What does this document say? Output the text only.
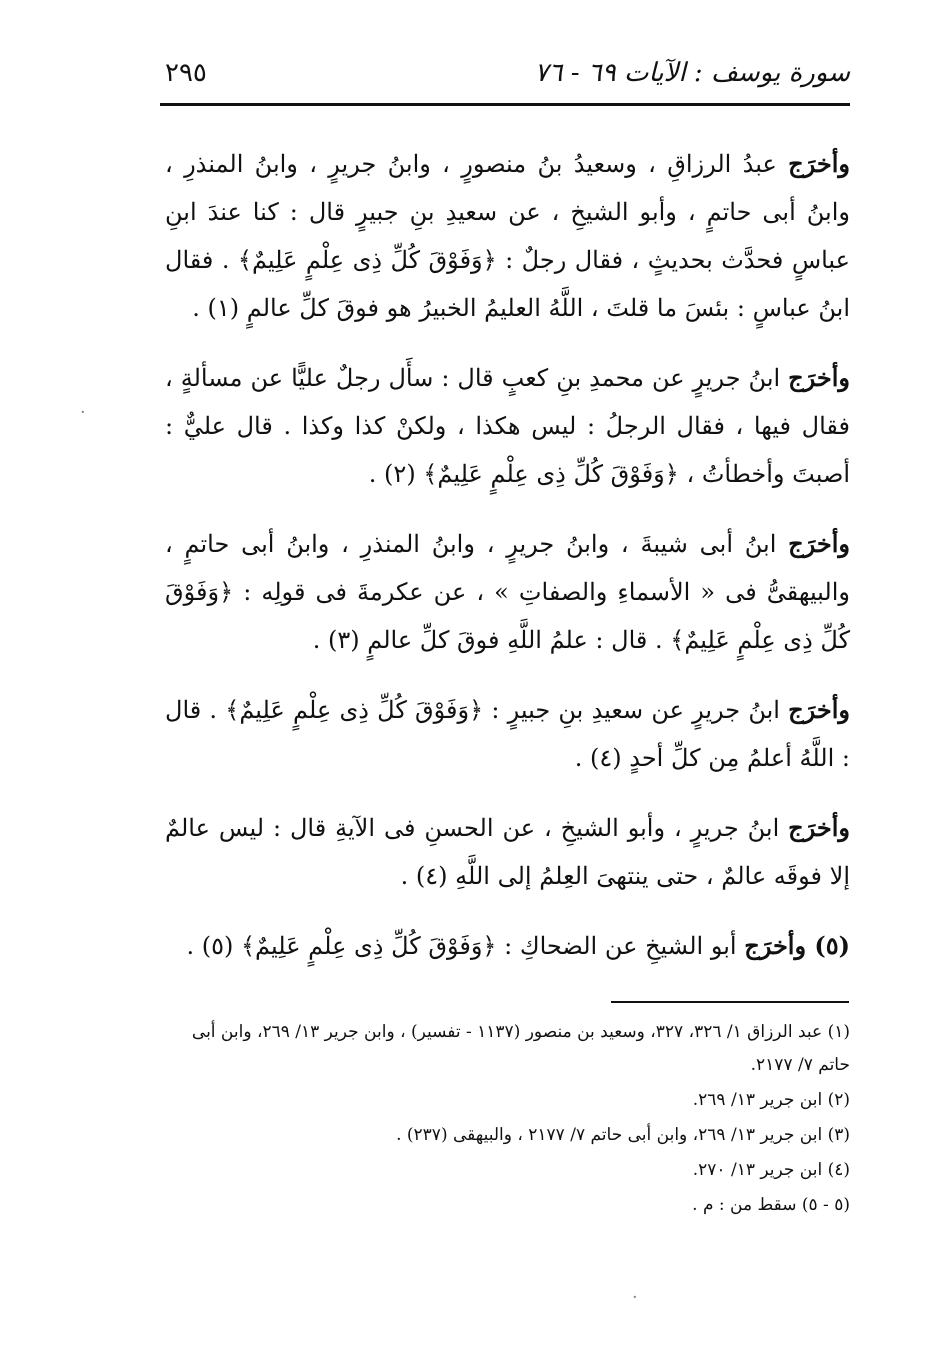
سورة يوسف : الآيات ٦٩ - ٧٦
٢٩٥

وأخرَج عبدُ الرزاقِ ، وسعيدُ بنُ منصورٍ ، وابنُ جريرٍ ، وابنُ المنذرِ ، وابنُ أبى حاتمٍ ، وأبو الشيخِ ، عن سعيدِ بنِ جبيرٍ قال : كنا عندَ ابنِ عباسٍ فحدَّث بحديثٍ ، فقال رجلٌ : ﴿وَفَوْقَ كُلِّ ذِى عِلْمٍ عَلِيمٌ﴾ . فقال ابنُ عباسٍ : بئسَ ما قلتَ ، اللَّهُ العليمُ الخبيرُ هو فوقَ كلِّ عالمٍ (١) .

وأخرَج ابنُ جريرٍ عن محمدِ بنِ كعبٍ قال : سأَل رجلٌ عليًّا عن مسألةٍ ، فقال فيها ، فقال الرجلُ : ليس هكذا ، ولكنْ كذا وكذا . قال عليٌّ : أصبتَ وأخطأتُ ، ﴿وَفَوْقَ كُلِّ ذِى عِلْمٍ عَلِيمٌ﴾ (٢) .

وأخرَج ابنُ أبى شيبةَ ، وابنُ جريرٍ ، وابنُ المنذرِ ، وابنُ أبى حاتمٍ ، والبيهقىُّ فى « الأسماءِ والصفاتِ » ، عن عكرمةَ فى قولِه : ﴿وَفَوْقَ كُلِّ ذِى عِلْمٍ عَلِيمٌ﴾ . قال : علمُ اللَّهِ فوقَ كلِّ عالمٍ (٣) .

وأخرَج ابنُ جريرٍ عن سعيدِ بنِ جبيرٍ : ﴿وَفَوْقَ كُلِّ ذِى عِلْمٍ عَلِيمٌ﴾ . قال : اللَّهُ أعلمُ مِن كلِّ أحدٍ (٤) .

وأخرَج ابنُ جريرٍ ، وأبو الشيخِ ، عن الحسنِ فى الآيةِ قال : ليس عالمٌ إلا فوقَه عالمٌ ، حتى ينتهىَ العِلمُ إلى اللَّهِ (٤) .

(٥) وأخرَج أبو الشيخِ عن الضحاكِ : ﴿وَفَوْقَ كُلِّ ذِى عِلْمٍ عَلِيمٌ﴾ (٥) .

(١) عبد الرزاق ١/ ٣٢٦، ٣٢٧، وسعيد بن منصور (١١٣٧ - تفسير) ، وابن جرير ١٣/ ٢٦٩، وابن أبى حاتم ٧/ ٢١٧٧.

(٢) ابن جرير ١٣/ ٢٦٩.

(٣) ابن جرير ١٣/ ٢٦٩، وابن أبى حاتم ٧/ ٢١٧٧ ، والبيهقى (٢٣٧) .

(٤) ابن جرير ١٣/ ٢٧٠.

(٥ - ٥) سقط من : م .

·
·
